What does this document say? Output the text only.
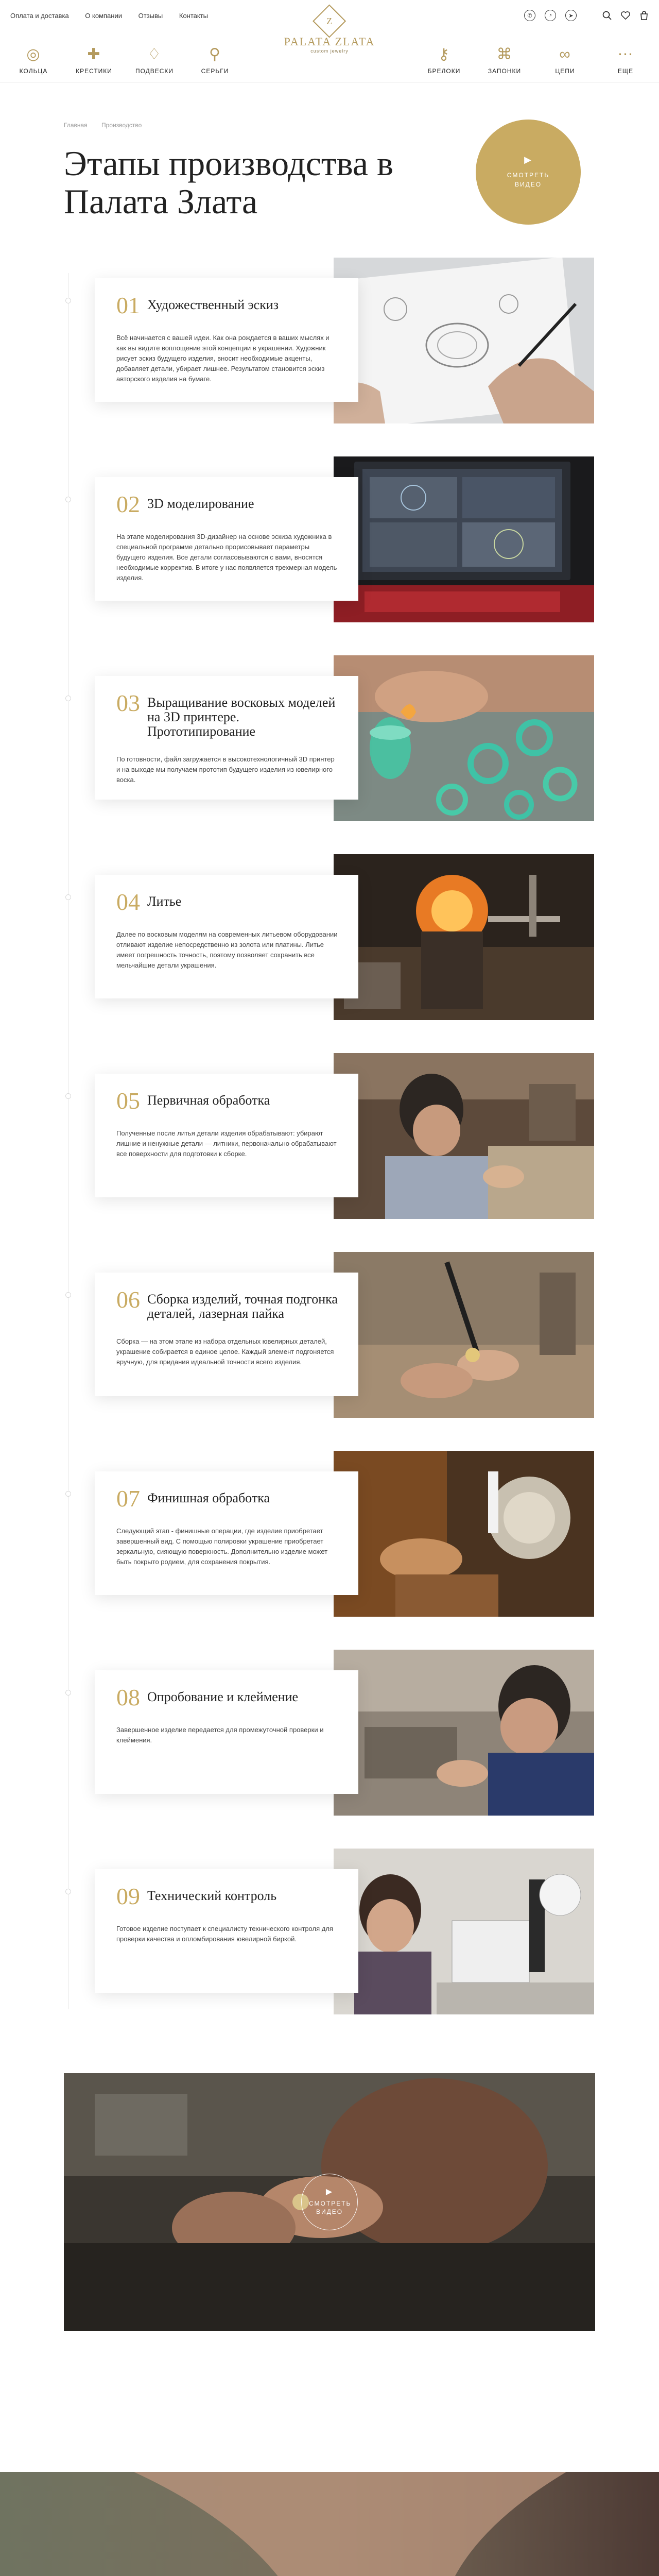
Оплата и доставка О компании Отзывы Контакты	✆	◔	➤
Z
PALATA ZLATA
custom jewelry
◎
КОЛЬЦА
✚
КРЕСТИКИ
♢
ПОДВЕСКИ
⚲
СЕРЬГИ
⚷
БРЕЛОКИ
⌘
ЗАПОНКИ
∞
ЦЕПИ
⋯
ЕЩЕ
Главная Производство
Этапы производства в Палата Злата
▶
СМОТРЕТЬ ВИДЕО
01 Художественный эскиз

Всё начинается с вашей идеи. Как она рождается в ваших мыслях и как вы видите воплощение этой концепции в украшении. Художник рисует эскиз будущего изделия, вносит необходимые акценты, добавляет детали, убирает лишнее. Результатом становится эскиз авторского изделия на бумаге.

02 3D моделирование

На этапе моделирования 3D-дизайнер на основе эскиза художника в специальной программе детально прорисовывает параметры будущего изделия. Все детали согласовываются с вами, вносятся необходимые корректив. В итоге у нас появляется трехмерная модель изделия.

03 Выращивание восковых моделей на 3D принтере. Прототипирование

По готовности, файл загружается в высокотехнологичный 3D принтер и на выходе мы получаем прототип будущего изделия из ювелирного воска.

04 Литье

Далее по восковым моделям на современных литьевом оборудовании отливают изделие непосредственно из золота или платины. Литье имеет погрешность точность, поэтому позволяет сохранить все мельчайшие детали украшения.

05 Первичная обработка

Полученные после литья детали изделия обрабатывают: убирают лишние и ненужные детали — литники, первоначально обрабатывают все поверхности для подготовки к сборке.

06 Сборка изделий, точная подгонка деталей, лазерная пайка

Сборка — на этом этапе из набора отдельных ювелирных деталей, украшение собирается в единое целое. Каждый элемент подгоняется вручную, для придания идеальной точности всего изделия.

07 Финишная обработка

Следующий этап - финишные операции, где изделие приобретает завершенный вид. С помощью полировки украшение приобретает зеркальную, сияющую поверхность. Дополнительно изделие может быть покрыто родием, для сохранения покрытия.

08 Опробование и клеймение

Завершенное изделие передается для промежуточной проверки и клеймения.

09 Технический контроль

Готовое изделие поступает к специалисту технического контроля для проверки качества и опломбирования ювелирной биркой.

▶
СМОТРЕТЬ ВИДЕО
